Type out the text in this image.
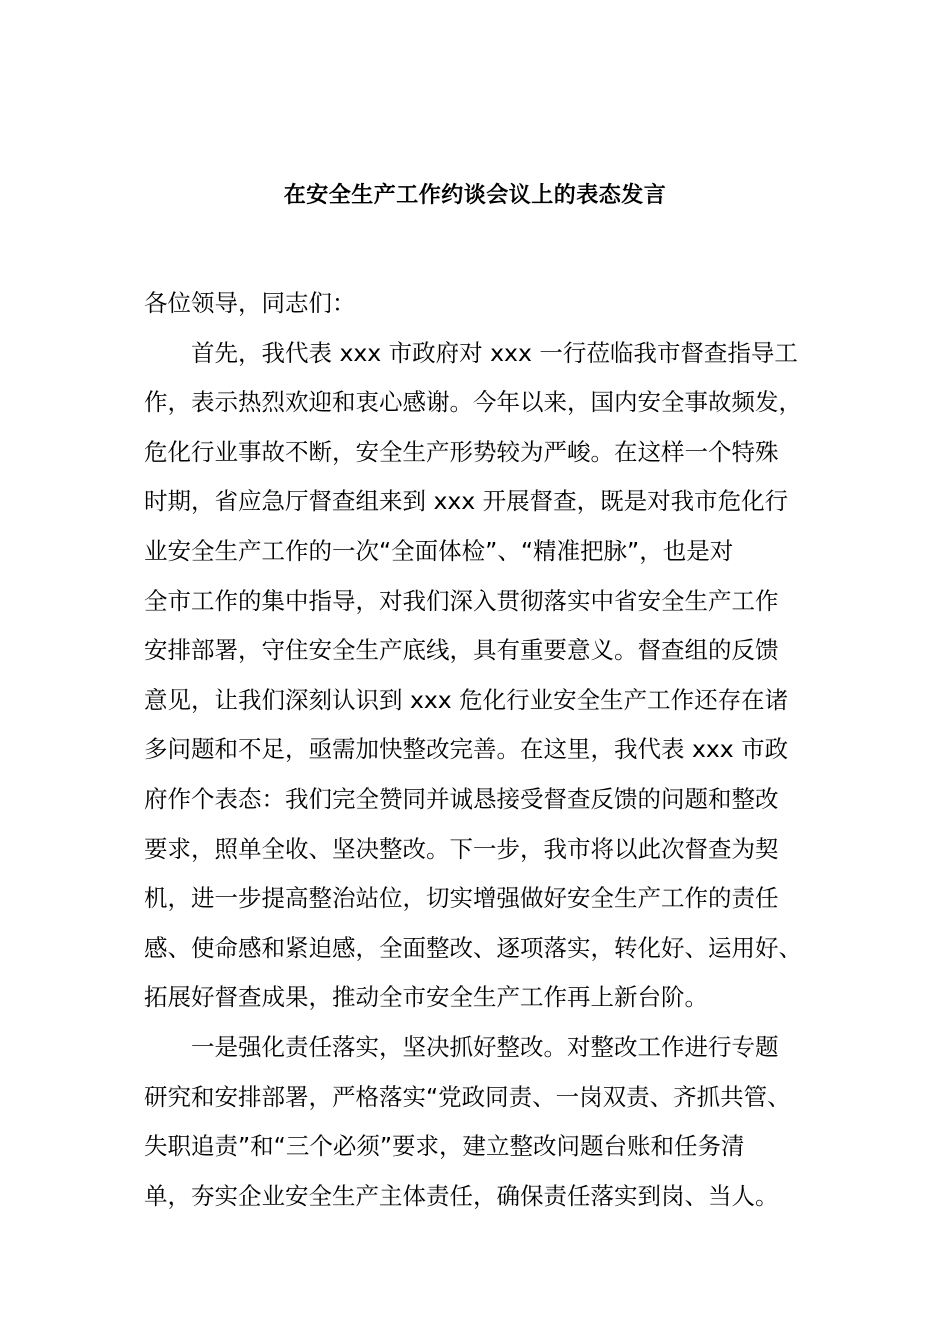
在安全生产工作约谈会议上的表态发言
各位领导，同志们：
首先，我代表 xxx 市政府对 xxx 一行莅临我市督查指导工
作，表示热烈欢迎和衷心感谢。今年以来，国内安全事故频发，
危化行业事故不断，安全生产形势较为严峻。在这样一个特殊
时期，省应急厅督查组来到 xxx 开展督查，既是对我市危化行
业安全生产工作的一次“全面体检”、“精准把脉”，也是对
全市工作的集中指导，对我们深入贯彻落实中省安全生产工作
安排部署，守住安全生产底线，具有重要意义。督查组的反馈
意见，让我们深刻认识到 xxx 危化行业安全生产工作还存在诸
多问题和不足，亟需加快整改完善。在这里，我代表 xxx 市政
府作个表态：我们完全赞同并诚恳接受督查反馈的问题和整改
要求，照单全收、坚决整改。下一步，我市将以此次督查为契
机，进一步提高整治站位，切实增强做好安全生产工作的责任
感、使命感和紧迫感，全面整改、逐项落实，转化好、运用好、
拓展好督查成果，推动全市安全生产工作再上新台阶。
一是强化责任落实，坚决抓好整改。对整改工作进行专题
研究和安排部署，严格落实“党政同责、一岗双责、齐抓共管、
失职追责”和“三个必须”要求，建立整改问题台账和任务清
单，夯实企业安全生产主体责任，确保责任落实到岗、当人。
